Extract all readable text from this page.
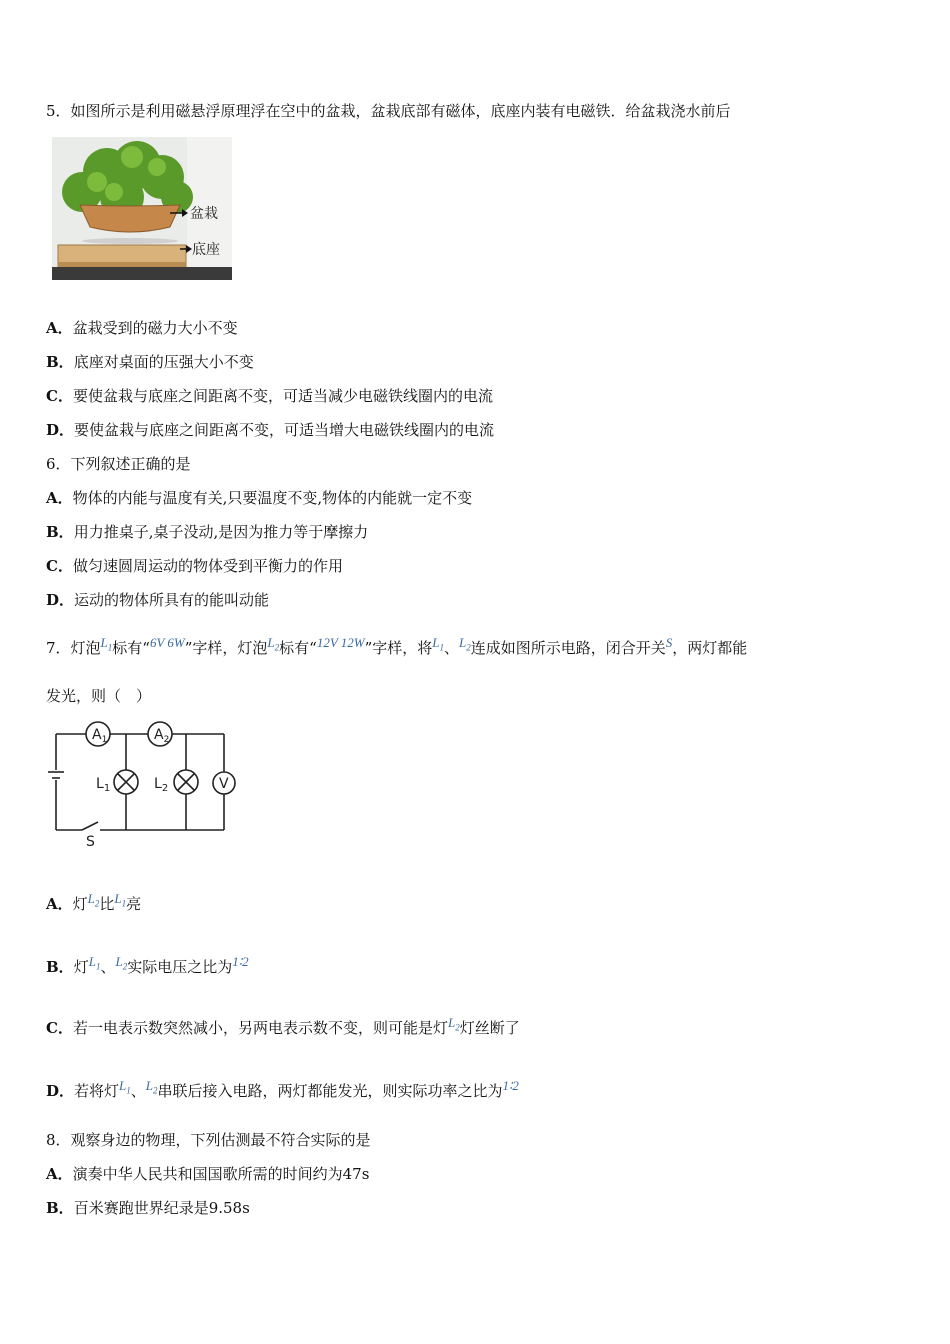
5．如图所示是利用磁悬浮原理浮在空中的盆栽，盆栽底部有磁体，底座内装有电磁铁．给盆栽浇水前后
盆栽
底座
A．盆栽受到的磁力大小不变
B．底座对桌面的压强大小不变
C．要使盆栽与底座之间距离不变，可适当减少电磁铁线圈内的电流
D．要使盆栽与底座之间距离不变，可适当增大电磁铁线圈内的电流
6．下列叙述正确的是
A．物体的内能与温度有关,只要温度不变,物体的内能就一定不变
B．用力推桌子,桌子没动,是因为推力等于摩擦力
C．做匀速圆周运动的物体受到平衡力的作用
D．运动的物体所具有的能叫动能
7．灯泡$L_1$标有“6V 6W”字样，灯泡$L_2$标有“12V 12W”字样，将$L_1$、$L_2$连成如图所示电路，闭合开关S，两灯都能
发光，则（　）
$A_1$	$A_2$
$L_1$	$L_2$	V
S
A．灯$L_2$比$L_1$亮
B．灯$L_1$、$L_2$实际电压之比为1∶2
C．若一电表示数突然减小，另两电表示数不变，则可能是灯$L_2$灯丝断了
D．若将灯$L_1$、$L_2$串联后接入电路，两灯都能发光，则实际功率之比为1∶2
8．观察身边的物理，下列估测最不符合实际的是
A．演奏中华人民共和国国歌所需的时间约为47s
B．百米赛跑世界纪录是9.58s
